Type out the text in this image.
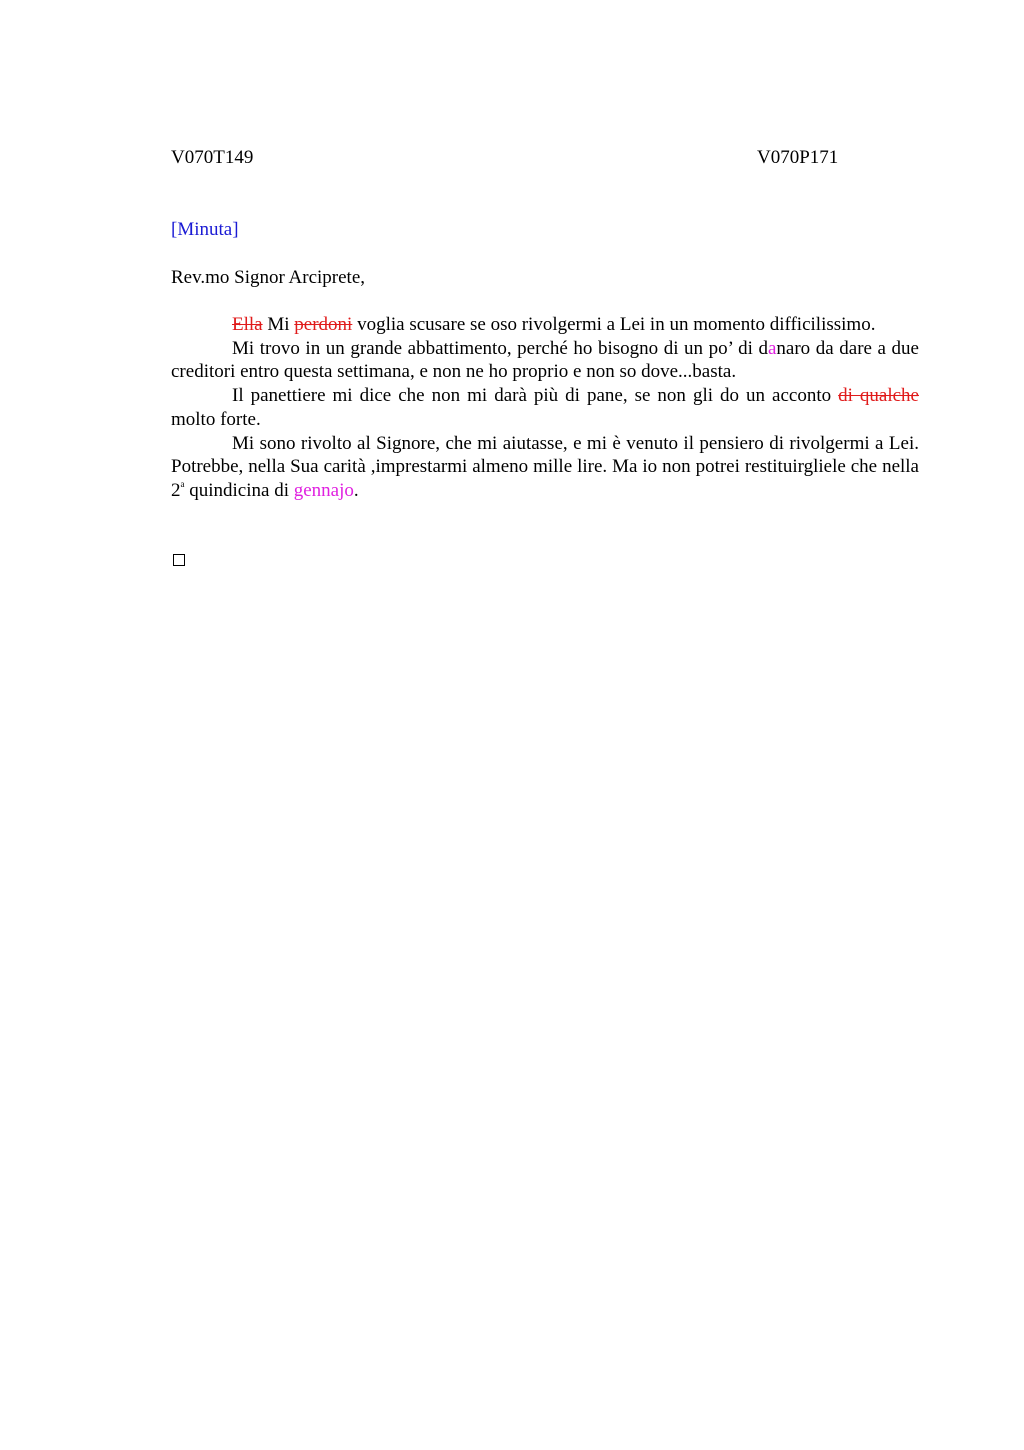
V070T149	V070P171
[Minuta]
Rev.mo Signor Arciprete,

Ella Mi perdoni voglia scusare se oso rivolgermi a Lei in un momento difficilissimo.

Mi trovo in un grande abbattimento, perché ho bisogno di un po’ di danaro da dare a due creditori entro questa settimana, e non ne ho proprio e non so dove...basta.

Il panettiere mi dice che non mi darà più di pane, se non gli do un acconto di qualche molto forte.

Mi sono rivolto al Signore, che mi aiutasse, e mi è venuto il pensiero di rivolgermi a Lei. Potrebbe, nella Sua carità ,imprestarmi almeno mille lire. Ma io non potrei restituirgliele che nella 2$^a$ quindicina di gennajo.
